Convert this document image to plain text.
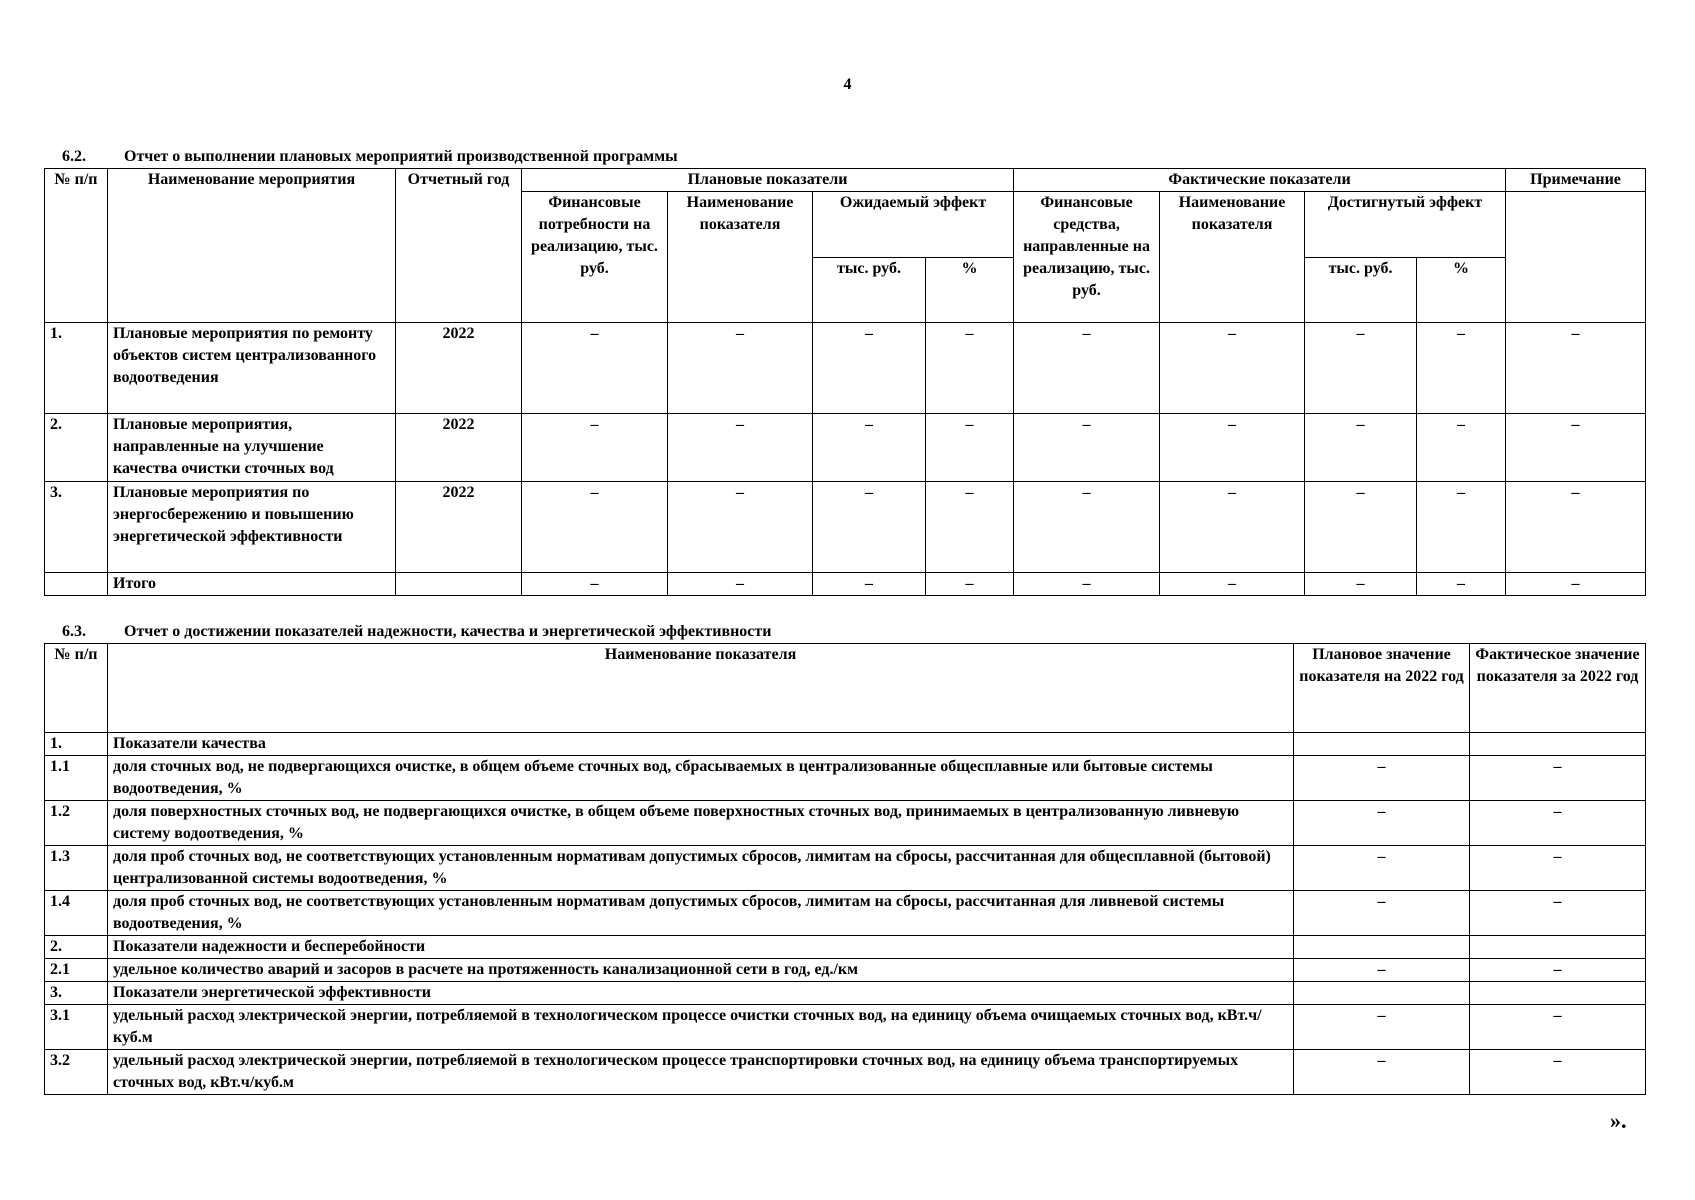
4
6.2. Отчет о выполнении плановых мероприятий производственной программы
№ п/п	Наименование мероприятия	Отчетный год	Плановые показатели				Фактические показатели				Примечание
			Финансовые потребности на реализацию, тыс. руб.	Наименование показателя	Ожидаемый эффект		Финансовые средства, направленные на реализацию, тыс. руб.	Наименование показателя	Достигнутый эффект		
					тыс. руб.	%			тыс. руб.	%	
1.	Плановые мероприятия по ремонту объектов систем централизованного водоотведения	2022	–	–	–	–	–	–	–	–	–
2.	Плановые мероприятия, направленные на улучшение качества очистки сточных вод	2022	–	–	–	–	–	–	–	–	–
3.	Плановые мероприятия по энергосбережению и повышению энергетической эффективности	2022	–	–	–	–	–	–	–	–	–
	Итого		–	–	–	–	–	–	–	–	–
6.3. Отчет о достижении показателей надежности, качества и энергетической эффективности
№ п/п	Наименование показателя	Плановое значение показателя на 2022 год	Фактическое значение показателя за 2022 год
1.	Показатели качества		
1.1	доля сточных вод, не подвергающихся очистке, в общем объеме сточных вод, сбрасываемых в централизованные общесплавные или бытовые системы водоотведения, %	–	–
1.2	доля поверхностных сточных вод, не подвергающихся очистке, в общем объеме поверхностных сточных вод, принимаемых в централизованную ливневую систему водоотведения, %	–	–
1.3	доля проб сточных вод, не соответствующих установленным нормативам допустимых сбросов, лимитам на сбросы, рассчитанная для общесплавной (бытовой) централизованной системы водоотведения, %	–	–
1.4	доля проб сточных вод, не соответствующих установленным нормативам допустимых сбросов, лимитам на сбросы, рассчитанная для ливневой системы водоотведения, %	–	–
2.	Показатели надежности и бесперебойности		
2.1	удельное количество аварий и засоров в расчете на протяженность канализационной сети в год, ед./км	–	–
3.	Показатели энергетической эффективности		
3.1	удельный расход электрической энергии, потребляемой в технологическом процессе очистки сточных вод, на единицу объема очищаемых сточных вод, кВт.ч/куб.м	–	–
3.2	удельный расход электрической энергии, потребляемой в технологическом процессе транспортировки сточных вод, на единицу объема транспортируемых сточных вод, кВт.ч/куб.м	–	–
».
